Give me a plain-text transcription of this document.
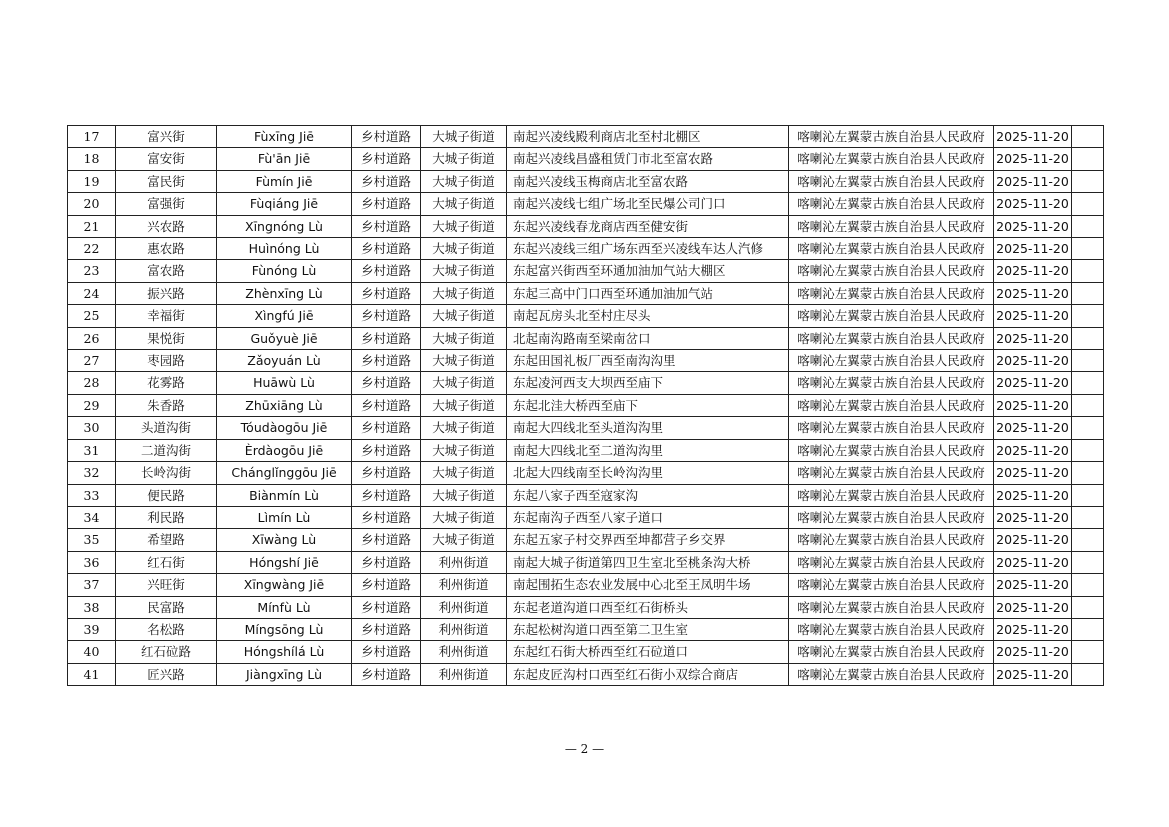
17	富兴街	Fùxīng Jiē	乡村道路	大城子街道	南起兴凌线殿利商店北至村北棚区	喀喇沁左翼蒙古族自治县人民政府	2025-11-20	
18	富安街	Fù'ān Jiē	乡村道路	大城子街道	南起兴凌线昌盛租赁门市北至富农路	喀喇沁左翼蒙古族自治县人民政府	2025-11-20	
19	富民街	Fùmín Jiē	乡村道路	大城子街道	南起兴凌线玉梅商店北至富农路	喀喇沁左翼蒙古族自治县人民政府	2025-11-20	
20	富强街	Fùqiáng Jiē	乡村道路	大城子街道	南起兴凌线七组广场北至民爆公司门口	喀喇沁左翼蒙古族自治县人民政府	2025-11-20	
21	兴农路	Xīngnóng Lù	乡村道路	大城子街道	东起兴凌线春龙商店西至健安街	喀喇沁左翼蒙古族自治县人民政府	2025-11-20	
22	惠农路	Huìnóng Lù	乡村道路	大城子街道	东起兴凌线三组广场东西至兴凌线车达人汽修	喀喇沁左翼蒙古族自治县人民政府	2025-11-20	
23	富农路	Fùnóng Lù	乡村道路	大城子街道	东起富兴街西至环通加油加气站大棚区	喀喇沁左翼蒙古族自治县人民政府	2025-11-20	
24	振兴路	Zhènxīng Lù	乡村道路	大城子街道	东起三高中门口西至环通加油加气站	喀喇沁左翼蒙古族自治县人民政府	2025-11-20	
25	幸福街	Xìngfú Jiē	乡村道路	大城子街道	南起瓦房头北至村庄尽头	喀喇沁左翼蒙古族自治县人民政府	2025-11-20	
26	果悦街	Guǒyuè Jiē	乡村道路	大城子街道	北起南沟路南至梁南岔口	喀喇沁左翼蒙古族自治县人民政府	2025-11-20	
27	枣园路	Zǎoyuán Lù	乡村道路	大城子街道	东起田国礼板厂西至南沟沟里	喀喇沁左翼蒙古族自治县人民政府	2025-11-20	
28	花雾路	Huāwù Lù	乡村道路	大城子街道	东起凌河西支大坝西至庙下	喀喇沁左翼蒙古族自治县人民政府	2025-11-20	
29	朱香路	Zhūxiāng Lù	乡村道路	大城子街道	东起北洼大桥西至庙下	喀喇沁左翼蒙古族自治县人民政府	2025-11-20	
30	头道沟街	Tóudàogōu Jiē	乡村道路	大城子街道	南起大四线北至头道沟沟里	喀喇沁左翼蒙古族自治县人民政府	2025-11-20	
31	二道沟街	Èrdàogōu Jiē	乡村道路	大城子街道	南起大四线北至二道沟沟里	喀喇沁左翼蒙古族自治县人民政府	2025-11-20	
32	长岭沟街	Chánglǐnggōu Jiē	乡村道路	大城子街道	北起大四线南至长岭沟沟里	喀喇沁左翼蒙古族自治县人民政府	2025-11-20	
33	便民路	Biànmín Lù	乡村道路	大城子街道	东起八家子西至寇家沟	喀喇沁左翼蒙古族自治县人民政府	2025-11-20	
34	利民路	Lìmín Lù	乡村道路	大城子街道	东起南沟子西至八家子道口	喀喇沁左翼蒙古族自治县人民政府	2025-11-20	
35	希望路	Xīwàng Lù	乡村道路	大城子街道	东起五家子村交界西至坤都营子乡交界	喀喇沁左翼蒙古族自治县人民政府	2025-11-20	
36	红石街	Hóngshí Jiē	乡村道路	利州街道	南起大城子街道第四卫生室北至桃条沟大桥	喀喇沁左翼蒙古族自治县人民政府	2025-11-20	
37	兴旺街	Xīngwàng Jiē	乡村道路	利州街道	南起围拓生态农业发展中心北至王凤明牛场	喀喇沁左翼蒙古族自治县人民政府	2025-11-20	
38	民富路	Mínfù Lù	乡村道路	利州街道	东起老道沟道口西至红石街桥头	喀喇沁左翼蒙古族自治县人民政府	2025-11-20	
39	名松路	Míngsōng Lù	乡村道路	利州街道	东起松树沟道口西至第二卫生室	喀喇沁左翼蒙古族自治县人民政府	2025-11-20	
40	红石砬路	Hóngshílá Lù	乡村道路	利州街道	东起红石街大桥西至红石砬道口	喀喇沁左翼蒙古族自治县人民政府	2025-11-20	
41	匠兴路	Jiàngxīng Lù	乡村道路	利州街道	东起皮匠沟村口西至红石街小双综合商店	喀喇沁左翼蒙古族自治县人民政府	2025-11-20	
— 2 —
